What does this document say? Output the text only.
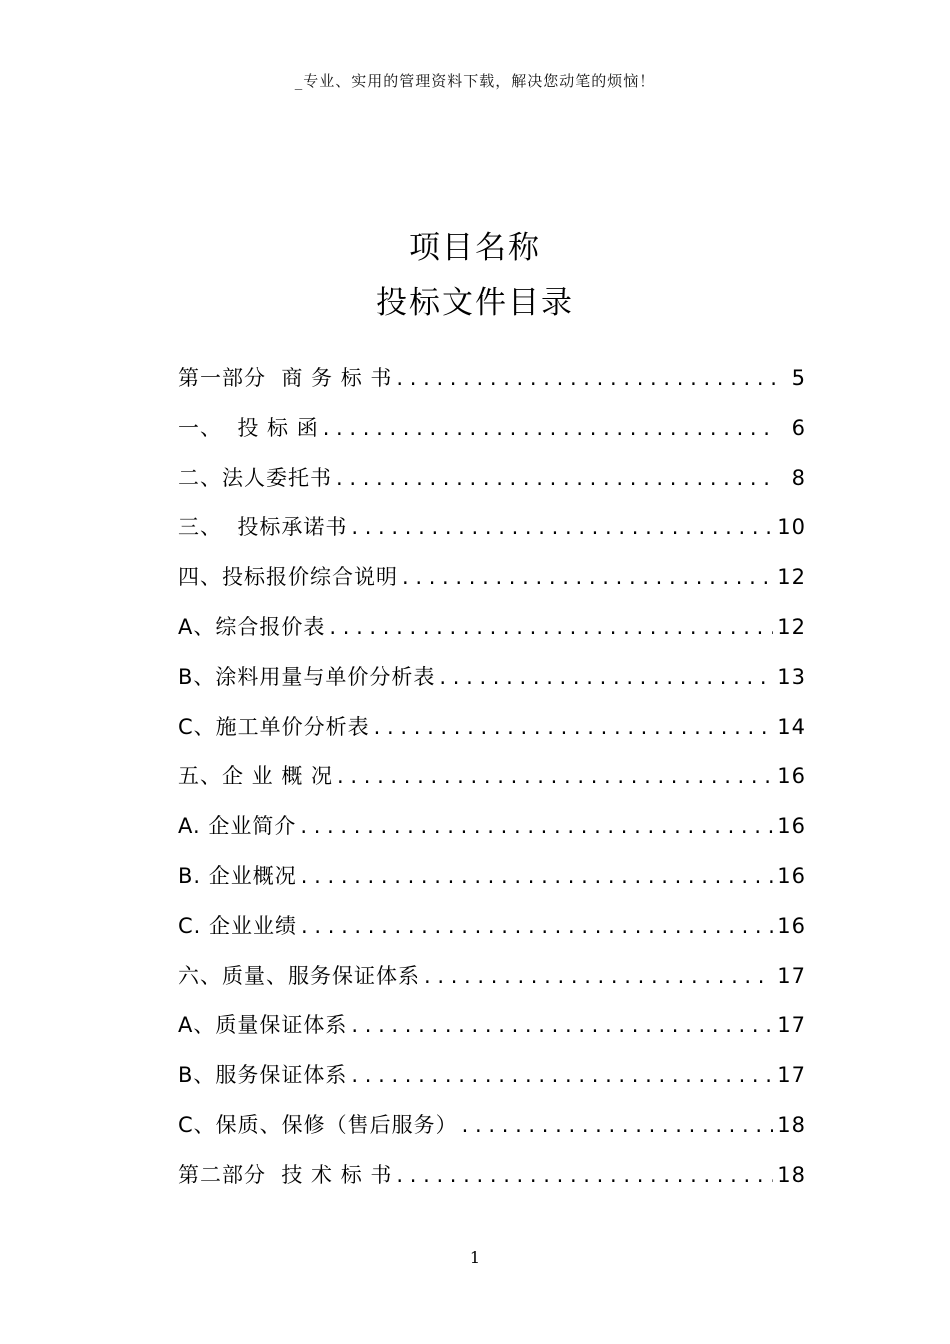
_专业、实用的管理资料下载，解决您动笔的烦恼！
项目名称
投标文件目录
第一部分  商 务 标 书 . . .	5
一、  投 标 函 . . .	6
二、法人委托书 . . .	8
三、  投标承诺书 . . .	10
四、投标报价综合说明 . . .	12
A、综合报价表 . . .	12
B、涂料用量与单价分析表 . . .	13
C、施工单价分析表 . . .	14
五、企 业 概 况 . . .	16
A. 企业简介 . . .	16
B. 企业概况 . . .	16
C. 企业业绩 . . .	16
六、质量、服务保证体系 . . .	17
A、质量保证体系 . . .	17
B、服务保证体系 . . .	17
C、保质、保修（售后服务） . . .	18
第二部分  技 术 标 书 . . .	18
1
